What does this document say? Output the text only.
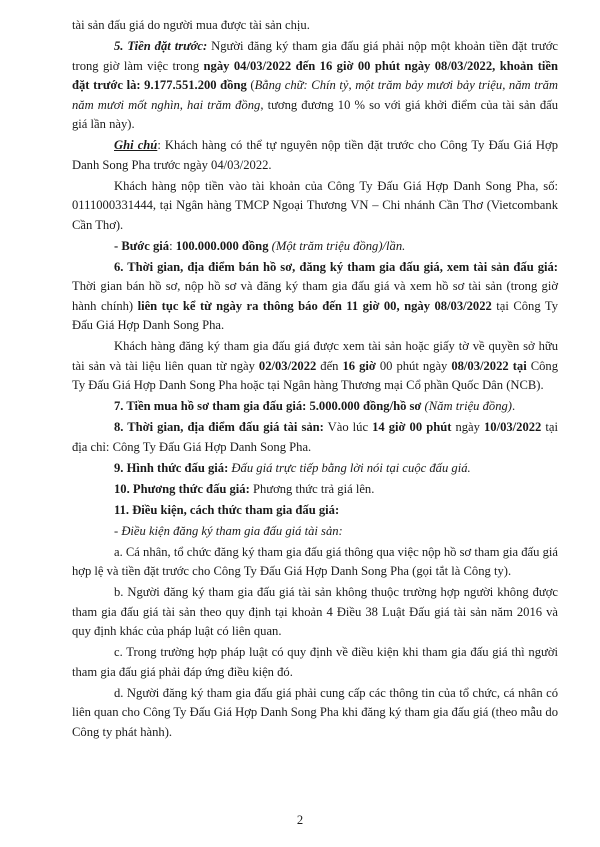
tài sản đấu giá do người mua được tài sản chịu.

5. Tiền đặt trước: Người đăng ký tham gia đấu giá phải nộp một khoản tiền đặt trước trong giờ làm việc trong ngày 04/03/2022 đến 16 giờ 00 phút ngày 08/03/2022, khoản tiền đặt trước là: 9.177.551.200 đồng (Bằng chữ: Chín tỷ, một trăm bảy mươi bảy triệu, năm trăm năm mươi mốt nghìn, hai trăm đồng, tương đương 10 % so với giá khởi điểm của tài sản đấu giá lần này).

Ghi chú: Khách hàng có thể tự nguyên nộp tiền đặt trước cho Công Ty Đấu Giá Hợp Danh Song Pha trước ngày 04/03/2022.

Khách hàng nộp tiền vào tài khoản của Công Ty Đấu Giá Hợp Danh Song Pha, số: 0111000331444, tại Ngân hàng TMCP Ngoại Thương VN – Chi nhánh Cần Thơ (Vietcombank Cần Thơ).

- Bước giá: 100.000.000 đồng (Một trăm triệu đồng)/lần.

6. Thời gian, địa điểm bán hồ sơ, đăng ký tham gia đấu giá, xem tài sản đấu giá: Thời gian bán hồ sơ, nộp hồ sơ và đăng ký tham gia đấu giá và xem hồ sơ tài sản (trong giờ hành chính) liên tục kể từ ngày ra thông báo đến 11 giờ 00, ngày 08/03/2022 tại Công Ty Đấu Giá Hợp Danh Song Pha.

Khách hàng đăng ký tham gia đấu giá được xem tài sản hoặc giấy tờ về quyền sở hữu tài sản và tài liệu liên quan từ ngày 02/03/2022 đến 16 giờ 00 phút ngày 08/03/2022 tại Công Ty Đấu Giá Hợp Danh Song Pha hoặc tại Ngân hàng Thương mại Cổ phần Quốc Dân (NCB).

7. Tiền mua hồ sơ tham gia đấu giá: 5.000.000 đồng/hồ sơ (Năm triệu đồng).

8. Thời gian, địa điểm đấu giá tài sản: Vào lúc 14 giờ 00 phút ngày 10/03/2022 tại địa chỉ: Công Ty Đấu Giá Hợp Danh Song Pha.

9. Hình thức đấu giá: Đấu giá trực tiếp bằng lời nói tại cuộc đấu giá.

10. Phương thức đấu giá: Phương thức trả giá lên.

11. Điều kiện, cách thức tham gia đấu giá:

- Điều kiện đăng ký tham gia đấu giá tài sản:

a. Cá nhân, tổ chức đăng ký tham gia đấu giá thông qua việc nộp hồ sơ tham gia đấu giá hợp lệ và tiền đặt trước cho Công Ty Đấu Giá Hợp Danh Song Pha (gọi tắt là Công ty).

b. Người đăng ký tham gia đấu giá tài sản không thuộc trường hợp người không được tham gia đấu giá tài sản theo quy định tại khoản 4 Điều 38 Luật Đấu giá tài sản năm 2016 và quy định khác của pháp luật có liên quan.

c. Trong trường hợp pháp luật có quy định về điều kiện khi tham gia đấu giá thì người tham gia đấu giá phải đáp ứng điều kiện đó.

d. Người đăng ký tham gia đấu giá phải cung cấp các thông tin của tổ chức, cá nhân có liên quan cho Công Ty Đấu Giá Hợp Danh Song Pha khi đăng ký tham gia đấu giá (theo mẫu do Công ty phát hành).

2
